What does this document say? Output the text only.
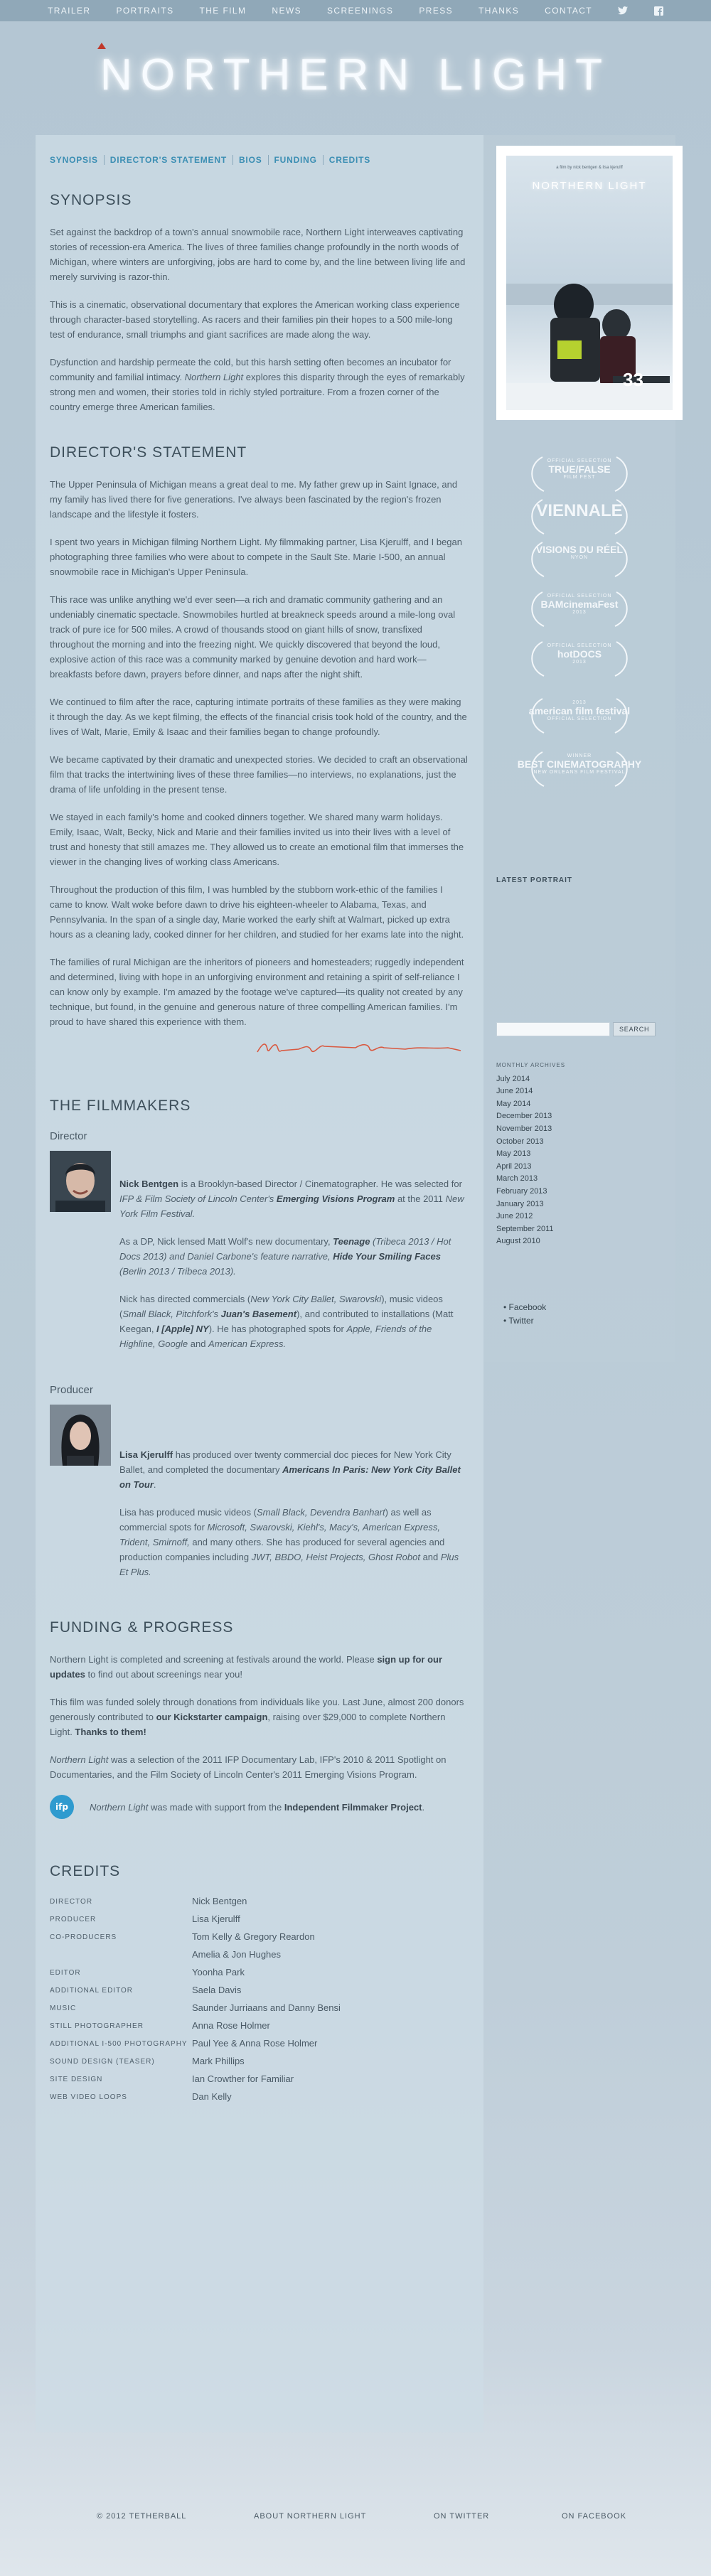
TRAILER	PORTRAITS	THE FILM	NEWS	SCREENINGS	PRESS	THANKS	CONTACT
NORTHERN LIGHT
SYNOPSIS	DIRECTOR'S STATEMENT	BIOS	FUNDING	CREDITS
SYNOPSIS

Set against the backdrop of a town's annual snowmobile race, Northern Light interweaves captivating stories of recession-era America. The lives of three families change profoundly in the north woods of Michigan, where winters are unforgiving, jobs are hard to come by, and the line between living life and merely surviving is razor-thin.

This is a cinematic, observational documentary that explores the American working class experience through character-based storytelling. As racers and their families pin their hopes to a 500 mile-long test of endurance, small triumphs and giant sacrifices are made along the way.

Dysfunction and hardship permeate the cold, but this harsh setting often becomes an incubator for community and familial intimacy. Northern Light explores this disparity through the eyes of remarkably strong men and women, their stories told in richly styled portraiture. From a frozen corner of the country emerge three American families.

DIRECTOR'S STATEMENT

The Upper Peninsula of Michigan means a great deal to me. My father grew up in Saint Ignace, and my family has lived there for five generations. I've always been fascinated by the region's frozen landscape and the lifestyle it fosters.

I spent two years in Michigan filming Northern Light. My filmmaking partner, Lisa Kjerulff, and I began photographing three families who were about to compete in the Sault Ste. Marie I-500, an annual snowmobile race in Michigan's Upper Peninsula.

This race was unlike anything we'd ever seen—a rich and dramatic community gathering and an undeniably cinematic spectacle. Snowmobiles hurtled at breakneck speeds around a mile-long oval track of pure ice for 500 miles. A crowd of thousands stood on giant hills of snow, transfixed throughout the morning and into the freezing night. We quickly discovered that beyond the loud, explosive action of this race was a community marked by genuine devotion and hard work—breakfasts before dawn, prayers before dinner, and naps after the night shift.

We continued to film after the race, capturing intimate portraits of these families as they were making it through the day. As we kept filming, the effects of the financial crisis took hold of the country, and the lives of Walt, Marie, Emily & Isaac and their families began to change profoundly.

We became captivated by their dramatic and unexpected stories. We decided to craft an observational film that tracks the intertwining lives of these three families—no interviews, no explanations, just the drama of life unfolding in the present tense.

We stayed in each family's home and cooked dinners together. We shared many warm holidays. Emily, Isaac, Walt, Becky, Nick and Marie and their families invited us into their lives with a level of trust and honesty that still amazes me. They allowed us to create an emotional film that immerses the viewer in the changing lives of working class Americans.

Throughout the production of this film, I was humbled by the stubborn work-ethic of the families I came to know. Walt woke before dawn to drive his eighteen-wheeler to Alabama, Texas, and Pennsylvania. In the span of a single day, Marie worked the early shift at Walmart, picked up extra hours as a cleaning lady, cooked dinner for her children, and studied for her exams late into the night.

The families of rural Michigan are the inheritors of pioneers and homesteaders; ruggedly independent and determined, living with hope in an unforgiving environment and retaining a spirit of self-reliance I can know only by example. I'm amazed by the footage we've captured—its quality not created by any technique, but found, in the genuine and generous nature of three compelling American families. I'm proud to have shared this experience with them.

THE FILMMAKERS
Director

Nick Bentgen is a Brooklyn-based Director / Cinematographer. He was selected for IFP & Film Society of Lincoln Center's Emerging Visions Program at the 2011 New York Film Festival.

As a DP, Nick lensed Matt Wolf's new documentary, Teenage (Tribeca 2013 / Hot Docs 2013) and Daniel Carbone's feature narrative, Hide Your Smiling Faces (Berlin 2013 / Tribeca 2013).

Nick has directed commercials (New York City Ballet, Swarovski), music videos (Small Black, Pitchfork's Juan's Basement), and contributed to installations (Matt Keegan, I [Apple] NY). He has photographed spots for Apple, Friends of the Highline, Google and American Express.

Producer

Lisa Kjerulff has produced over twenty commercial doc pieces for New York City Ballet, and completed the documentary Americans In Paris: New York City Ballet on Tour.

Lisa has produced music videos (Small Black, Devendra Banhart) as well as commercial spots for Microsoft, Swarovski, Kiehl's, Macy's, American Express, Trident, Smirnoff, and many others. She has produced for several agencies and production companies including JWT, BBDO, Heist Projects, Ghost Robot and Plus Et Plus.

FUNDING & PROGRESS

Northern Light is completed and screening at festivals around the world. Please sign up for our updates to find out about screenings near you!

This film was funded solely through donations from individuals like you. Last June, almost 200 donors generously contributed to our Kickstarter campaign, raising over $29,000 to complete Northern Light. Thanks to them!

Northern Light was a selection of the 2011 IFP Documentary Lab, IFP's 2010 & 2011 Spotlight on Documentaries, and the Film Society of Lincoln Center's 2011 Emerging Visions Program.

ifp	Northern Light was made with support from the Independent Filmmaker Project.

CREDITS
DIRECTOR	Nick Bentgen
PRODUCER	Lisa Kjerulff
CO-PRODUCERS	Tom Kelly & Gregory Reardon
Amelia & Jon Hughes
EDITOR	Yoonha Park
ADDITIONAL EDITOR	Saela Davis
MUSIC	Saunder Jurriaans and Danny Bensi
STILL PHOTOGRAPHER	Anna Rose Holmer
ADDITIONAL I-500 PHOTOGRAPHY Paul Yee & Anna Rose Holmer
SOUND DESIGN (TEASER)	Mark Phillips
SITE DESIGN	Ian Crowther for Familiar
WEB VIDEO LOOPS	Dan Kelly
a film by nick bentgen & lisa kjerulff
NORTHERN LIGHT
33
OFFICIAL SELECTION
TRUE/FALSE
FILM FEST
VIENNALE
VISIONS DU RÉEL
NYON
OFFICIAL SELECTION
BAMcinemaFest
2013
OFFICIAL SELECTION
hotDOCS
2013
2013
american film festival
OFFICIAL SELECTION
WINNER
BEST CINEMATOGRAPHY
NEW ORLEANS FILM FESTIVAL
LATEST PORTRAIT
SEARCH
MONTHLY ARCHIVES
July 2014
June 2014
May 2014
December 2013
November 2013
October 2013
May 2013
April 2013
March 2013
February 2013
January 2013
June 2012
September 2011
August 2010
• Facebook
• Twitter
© 2012 TETHERBALL	ABOUT NORTHERN LIGHT	ON TWITTER	ON FACEBOOK
